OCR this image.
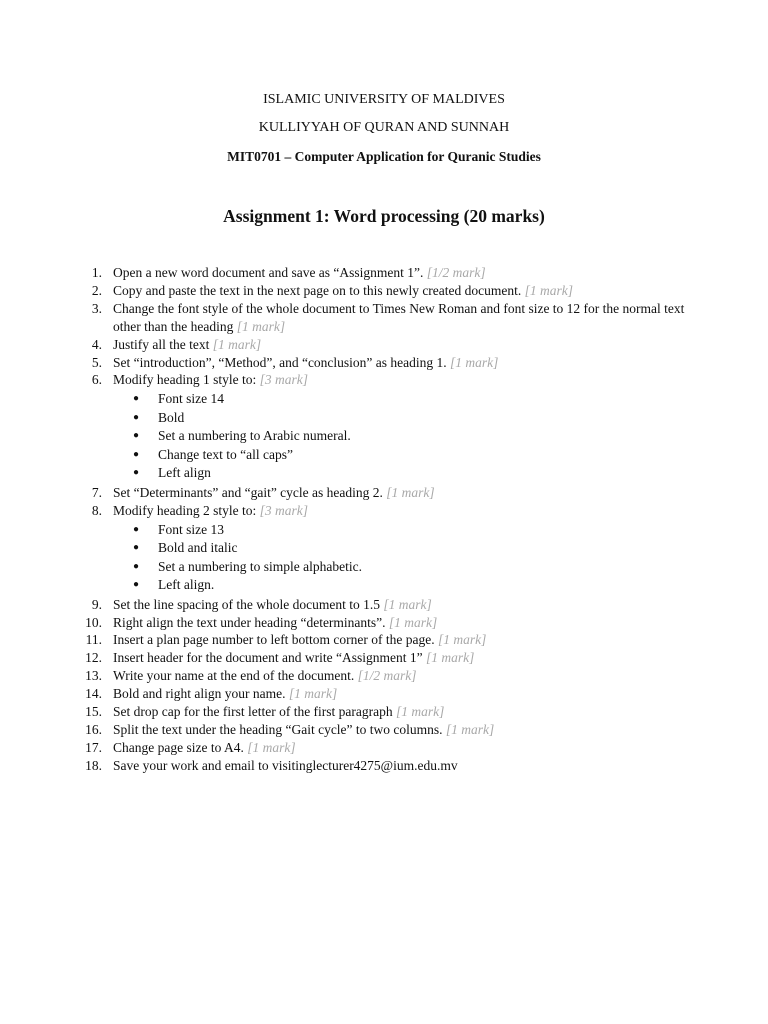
ISLAMIC UNIVERSITY OF MALDIVES
KULLIYYAH OF QURAN AND SUNNAH
MIT0701 – Computer Application for Quranic Studies
Assignment 1: Word processing (20 marks)
1. Open a new word document and save as “Assignment 1”. [1/2 mark]
2. Copy and paste the text in the next page on to this newly created document. [1 mark]
3. Change the font style of the whole document to Times New Roman and font size to 12 for the normal text other than the heading [1 mark]
4. Justify all the text [1 mark]
5. Set “introduction”, “Method”, and “conclusion” as heading 1. [1 mark]
6. Modify heading 1 style to: [3 mark]
● Font size 14
● Bold
● Set a numbering to Arabic numeral.
● Change text to “all caps”
● Left align
7. Set “Determinants” and “gait” cycle as heading 2. [1 mark]
8. Modify heading 2 style to: [3 mark]
● Font size 13
● Bold and italic
● Set a numbering to simple alphabetic.
● Left align.
9. Set the line spacing of the whole document to 1.5 [1 mark]
10. Right align the text under heading “determinants”. [1 mark]
11. Insert a plan page number to left bottom corner of the page. [1 mark]
12. Insert header for the document and write “Assignment 1” [1 mark]
13. Write your name at the end of the document. [1/2 mark]
14. Bold and right align your name. [1 mark]
15. Set drop cap for the first letter of the first paragraph [1 mark]
16. Split the text under the heading “Gait cycle” to two columns. [1 mark]
17. Change page size to A4. [1 mark]
18. Save your work and email to visitinglecturer4275@ium.edu.mv
